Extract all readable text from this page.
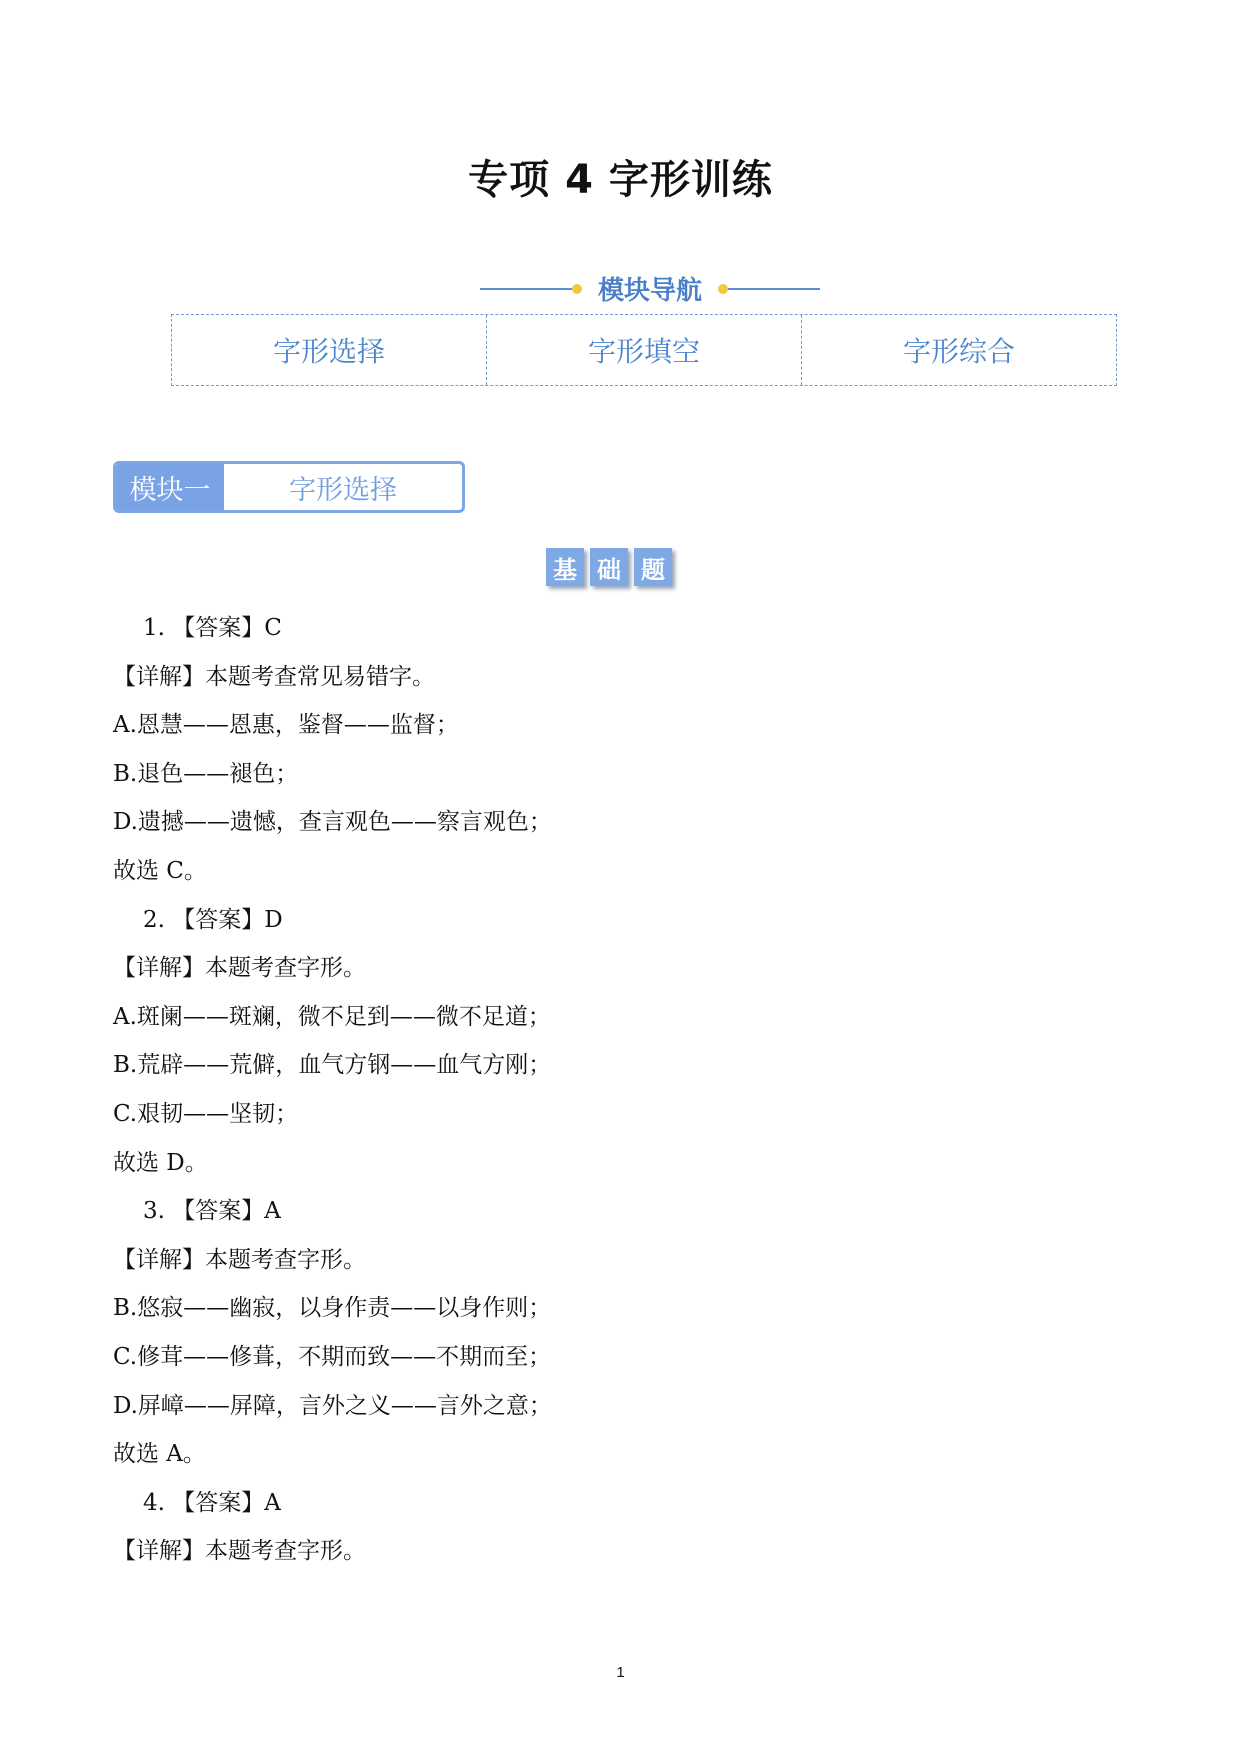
专项 4 字形训练
模块导航
字形选择	字形填空	字形综合
模块一	字形选择
基 础 题

1. 【答案】C

【详解】本题考查常见易错字。

A.恩慧——恩惠，鉴督——监督；

B.退色——褪色；

D.遗撼——遗憾，查言观色——察言观色；

故选 C。

2. 【答案】D

【详解】本题考查字形。

A.斑阑——斑斓，微不足到——微不足道；

B.荒辟——荒僻，血气方钢——血气方刚；

C.艰韧——坚韧；

故选 D。

3. 【答案】A

【详解】本题考查字形。

B.悠寂——幽寂，以身作责——以身作则；

C.修茸——修葺，不期而致——不期而至；

D.屏嶂——屏障，言外之义——言外之意；

故选 A。

4. 【答案】A

【详解】本题考查字形。

1
